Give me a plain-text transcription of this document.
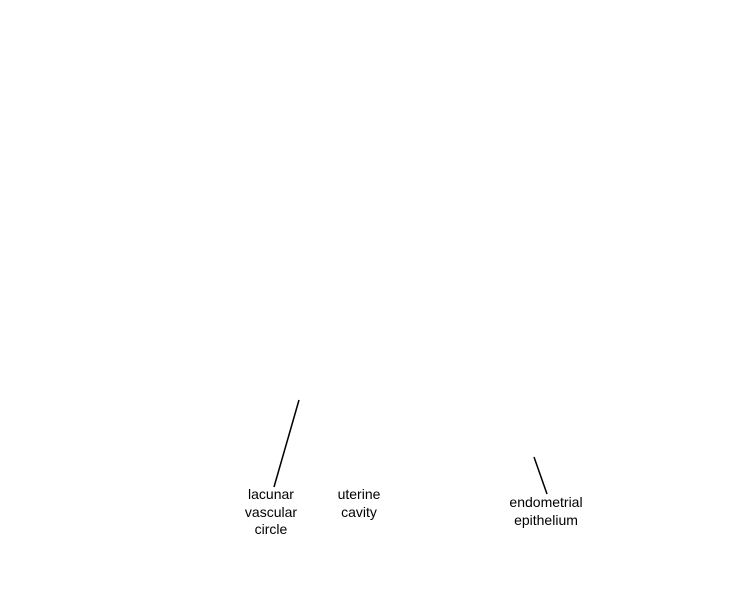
lacunar
vascular
circle
uterine
cavity
endometrial
epithelium
